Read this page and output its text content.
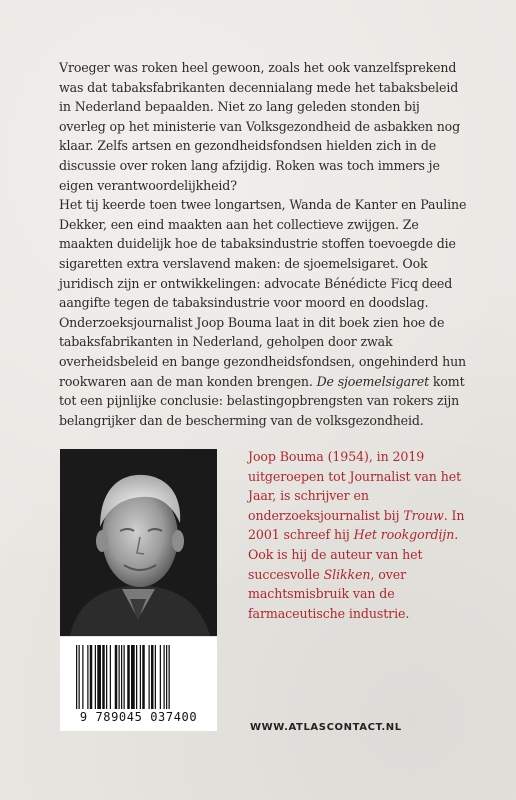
Vroeger was roken heel gewoon, zoals het ook vanzelfsprekend was dat tabaksfabrikanten decennialang mede het tabaksbeleid in Nederland bepaalden. Niet zo lang geleden stonden bij overleg op het ministerie van Volksgezondheid de asbakken nog klaar. Zelfs artsen en gezondheidsfondsen hielden zich in de discussie over roken lang afzijdig. Roken was toch immers je eigen verantwoordelijkheid?

Het tij keerde toen twee longartsen, Wanda de Kanter en Pauline Dekker, een eind maakten aan het collectieve zwijgen. Ze maakten duidelijk hoe de tabaksindustrie stoffen toevoegde die sigaretten extra verslavend maken: de sjoemelsigaret. Ook juridisch zijn er ontwikkelingen: advocate Bénédicte Ficq deed aangifte tegen de tabaksindustrie voor moord en doodslag.

Onderzoeksjournalist Joop Bouma laat in dit boek zien hoe de tabaksfabrikanten in Nederland, geholpen door zwak overheidsbeleid en bange gezondheidsfondsen, ongehinderd hun rookwaren aan de man konden brengen. De sjoemelsigaret komt tot een pijnlijke conclusie: belastingopbrengsten van rokers zijn belangrijker dan de bescherming van de volksgezondheid.

Joop Bouma (1954), in 2019 uitgeroepen tot Journalist van het Jaar, is schrijver en onderzoeksjournalist bij Trouw. In 2001 schreef hij Het rookgordijn. Ook is hij de auteur van het succesvolle Slikken, over machtsmisbruik van de farmaceutische industrie.
9 789045 037400
WWW.ATLASCONTACT.NL
